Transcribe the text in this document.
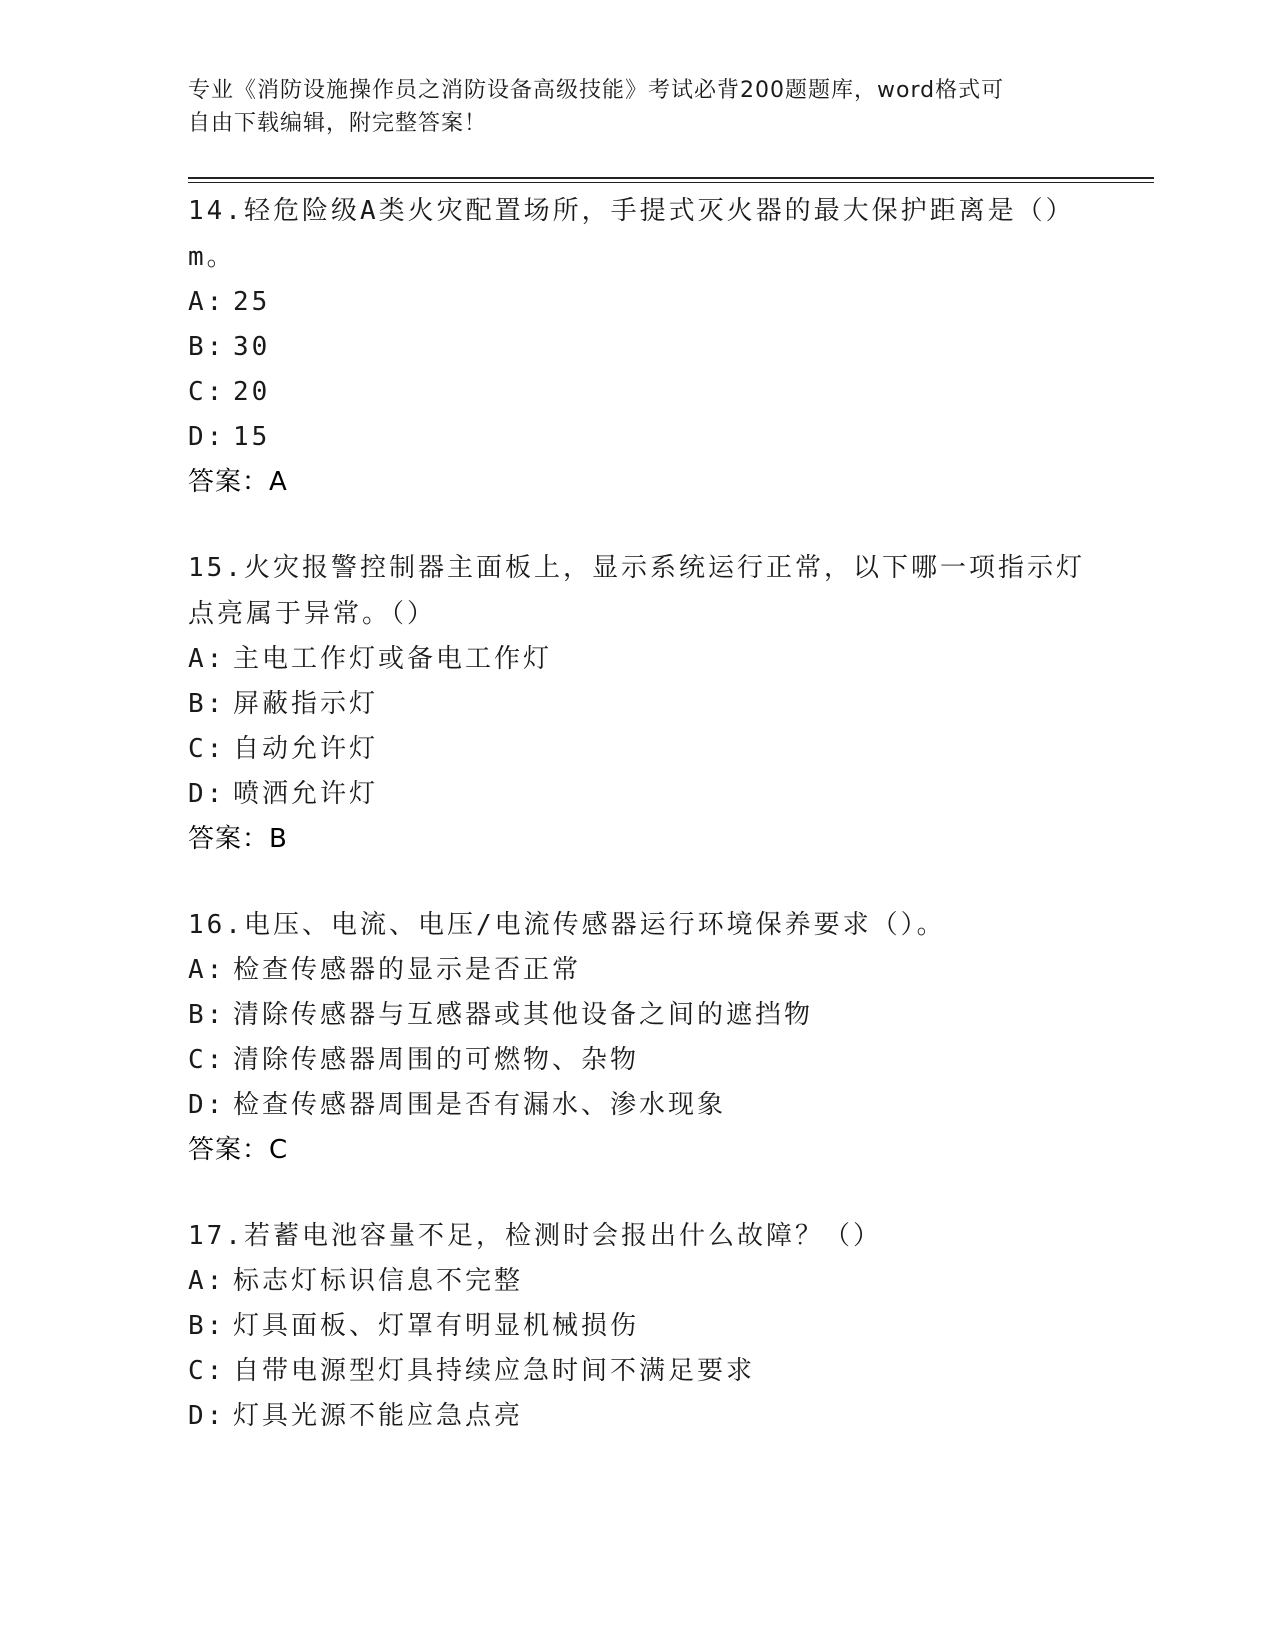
专业《消防设施操作员之消防设备高级技能》考试必背200题题库，word格式可
自由下载编辑，附完整答案！
14.轻危险级A类火灾配置场所，手提式灭火器的最大保护距离是（）
m。
A: 25
B: 30
C: 20
D: 15
答案：A
15.火灾报警控制器主面板上，显示系统运行正常，以下哪一项指示灯
点亮属于异常。（）
A: 主电工作灯或备电工作灯
B: 屏蔽指示灯
C: 自动允许灯
D: 喷洒允许灯
答案：B
16.电压、电流、电压/电流传感器运行环境保养要求（）。
A: 检查传感器的显示是否正常
B: 清除传感器与互感器或其他设备之间的遮挡物
C: 清除传感器周围的可燃物、杂物
D: 检查传感器周围是否有漏水、渗水现象
答案：C
17.若蓄电池容量不足，检测时会报出什么故障？（）
A: 标志灯标识信息不完整
B: 灯具面板、灯罩有明显机械损伤
C: 自带电源型灯具持续应急时间不满足要求
D: 灯具光源不能应急点亮
